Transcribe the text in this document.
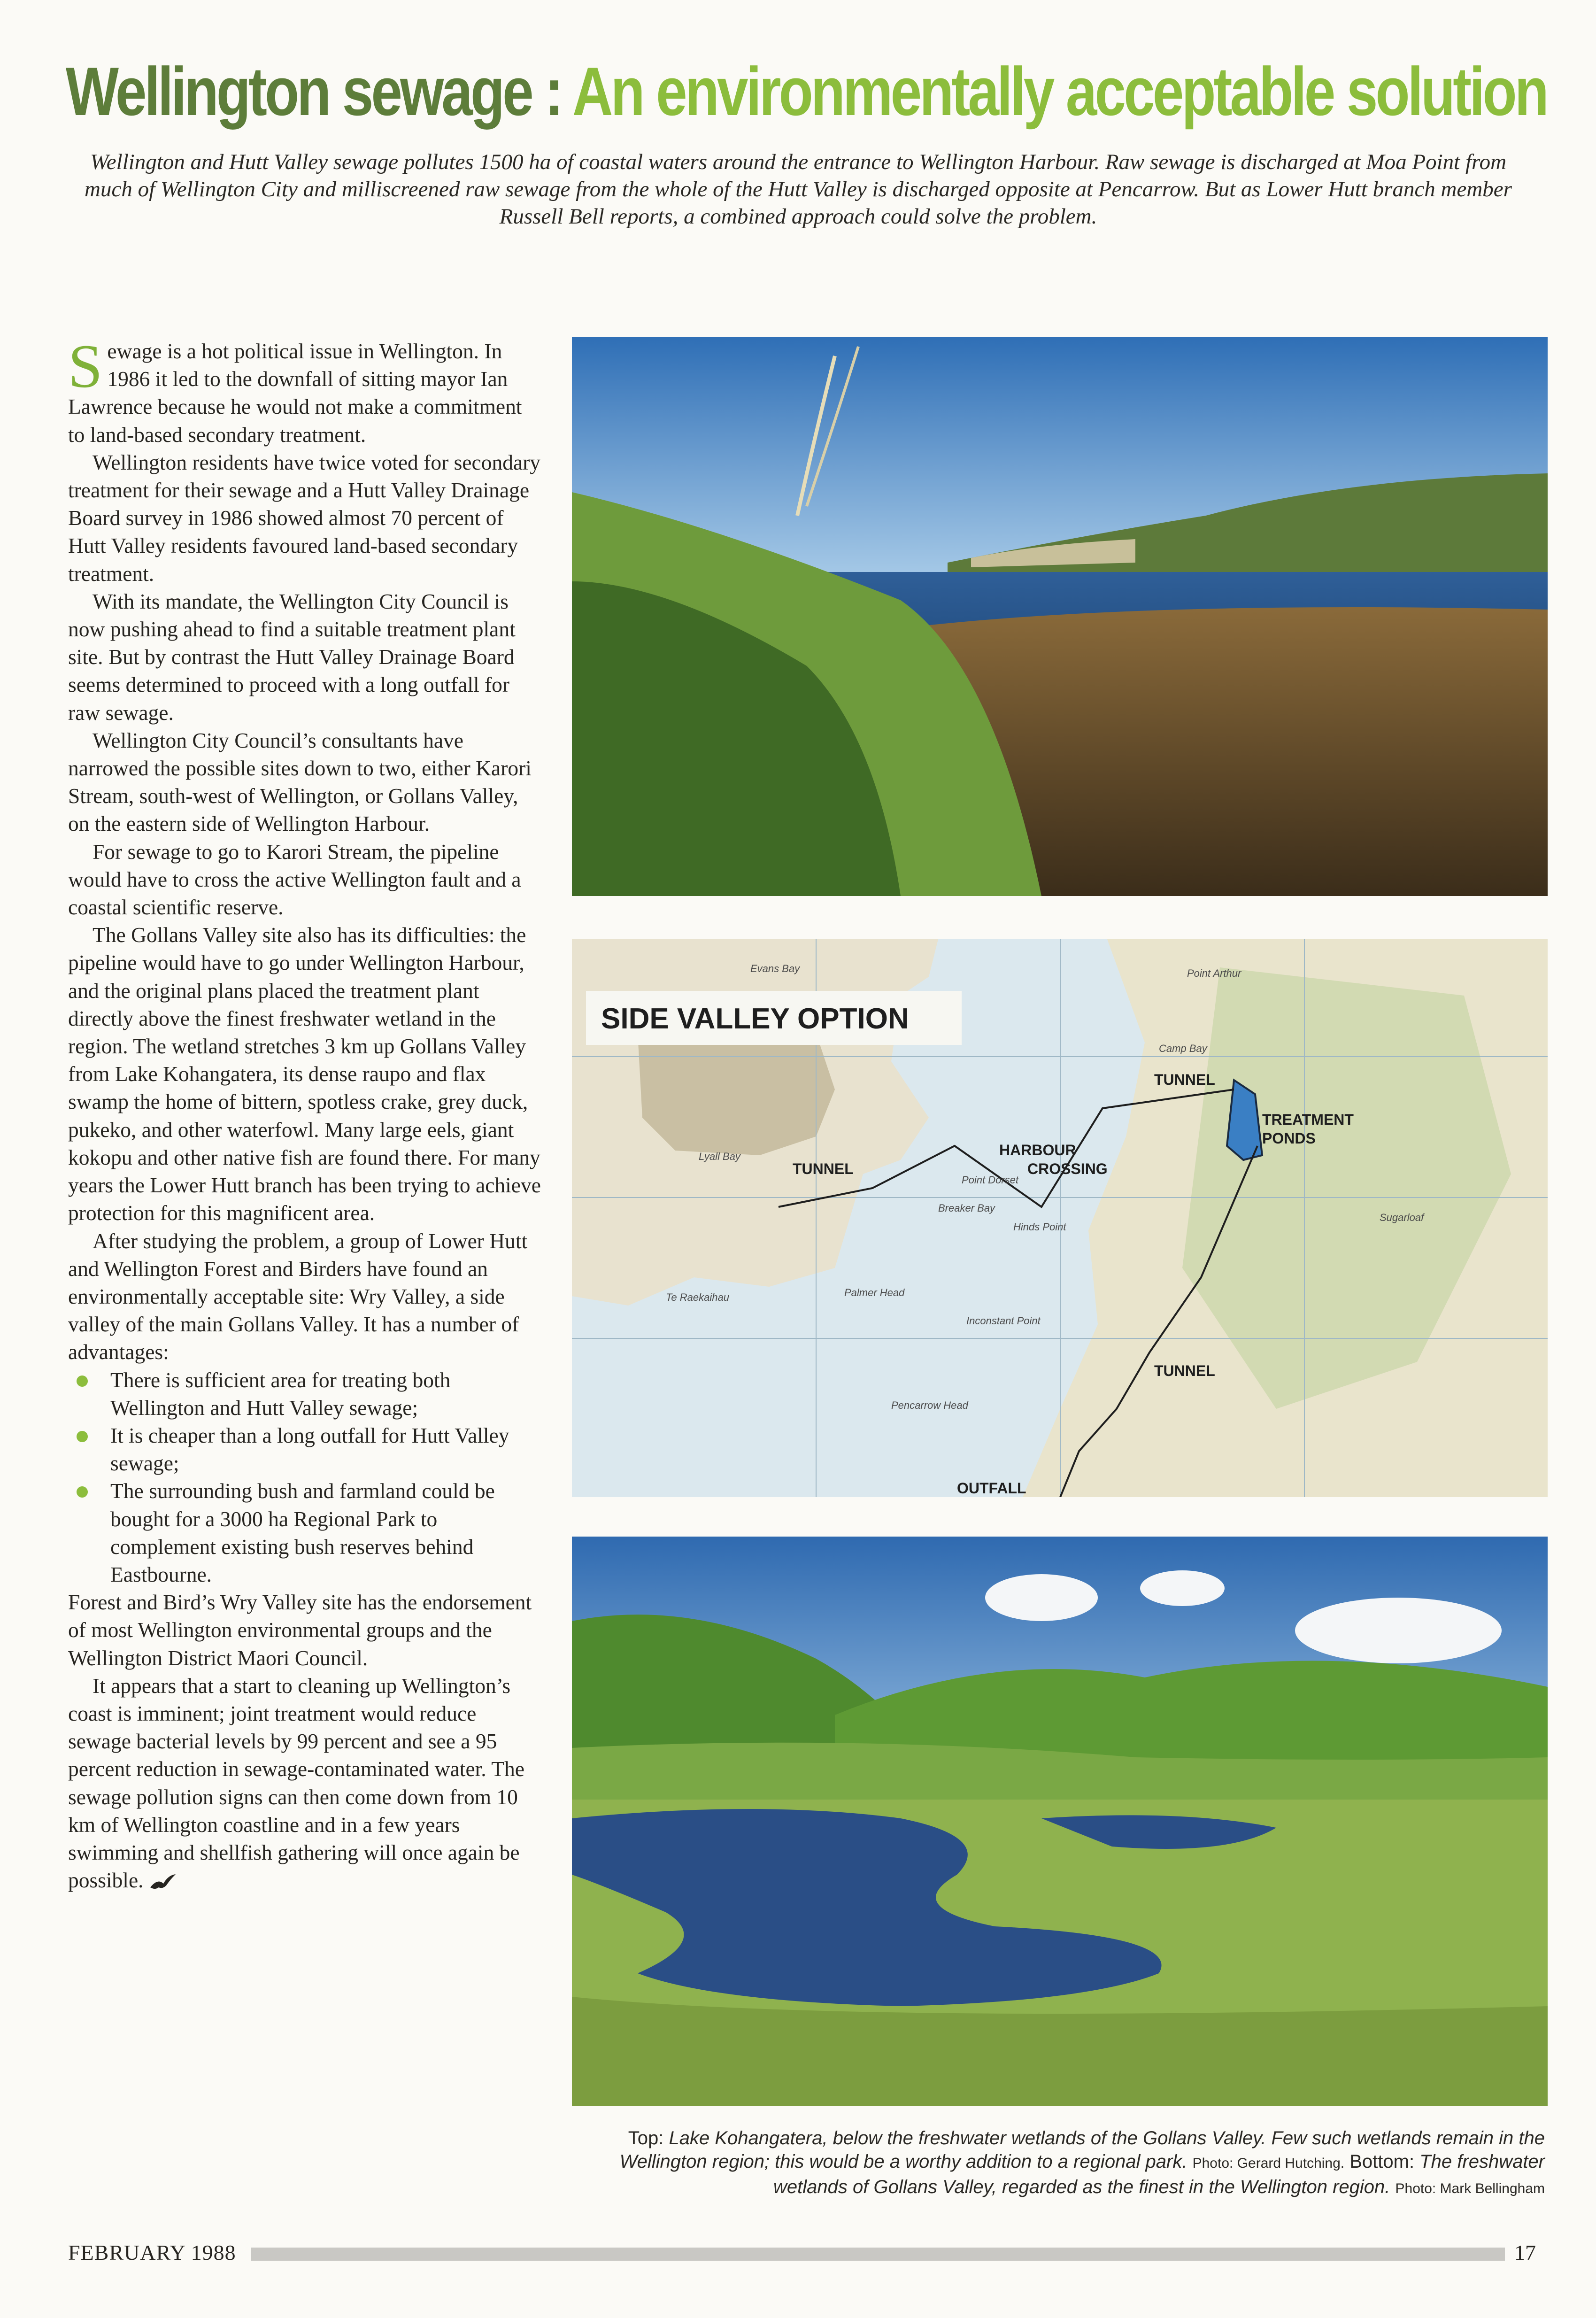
Wellington sewage : An environmentally acceptable solution
Wellington and Hutt Valley sewage pollutes 1500 ha of coastal waters around the entrance to Wellington Harbour. Raw sewage is discharged at Moa Point from much of Wellington City and milliscreened raw sewage from the whole of the Hutt Valley is discharged opposite at Pencarrow. But as Lower Hutt branch member Russell Bell reports, a combined approach could solve the problem.

Sewage is a hot political issue in Wellington. In 1986 it led to the downfall of sitting mayor Ian Lawrence because he would not make a commitment to land-based secondary treatment.

Wellington residents have twice voted for secondary treatment for their sewage and a Hutt Valley Drainage Board survey in 1986 showed almost 70 percent of Hutt Valley residents favoured land-based secondary treatment.

With its mandate, the Wellington City Council is now pushing ahead to find a suitable treatment plant site. But by contrast the Hutt Valley Drainage Board seems determined to proceed with a long outfall for raw sewage.

Wellington City Council’s consultants have narrowed the possible sites down to two, either Karori Stream, south-west of Wellington, or Gollans Valley, on the eastern side of Wellington Harbour.

For sewage to go to Karori Stream, the pipeline would have to cross the active Wellington fault and a coastal scientific reserve.

The Gollans Valley site also has its difficulties: the pipeline would have to go under Wellington Harbour, and the original plans placed the treatment plant directly above the finest freshwater wetland in the region. The wetland stretches 3 km up Gollans Valley from Lake Kohangatera, its dense raupo and flax swamp the home of bittern, spotless crake, grey duck, pukeko, and other waterfowl. Many large eels, giant kokopu and other native fish are found there. For many years the Lower Hutt branch has been trying to achieve protection for this magnificent area.

After studying the problem, a group of Lower Hutt and Wellington Forest and Birders have found an environmentally acceptable site: Wry Valley, a side valley of the main Gollans Valley. It has a number of advantages:

There is sufficient area for treating both Wellington and Hutt Valley sewage;
It is cheaper than a long outfall for Hutt Valley sewage;
The surrounding bush and farmland could be bought for a 3000 ha Regional Park to complement existing bush reserves behind Eastbourne.

Forest and Bird’s Wry Valley site has the endorsement of most Wellington environmental groups and the Wellington District Maori Council.

It appears that a start to cleaning up Wellington’s coast is imminent; joint treatment would reduce sewage bacterial levels by 99 percent and see a 95 percent reduction in sewage-contaminated water. The sewage pollution signs can then come down from 10 km of Wellington coastline and in a few years swimming and shellfish gathering will once again be possible.

SIDE VALLEY OPTION
TUNNEL
HARBOUR
CROSSING
TUNNEL
TREATMENT
PONDS
TUNNEL
OUTFALL
Evans Bay	Point Arthur
Camp Bay
Lyall Bay
Point Dorset
Breaker Bay
Palmer Head
Pencarrow Head
Hinds Point
Inconstant Point
Te Raekaihau
Sugarloaf
Top: Lake Kohangatera, below the freshwater wetlands of the Gollans Valley. Few such wetlands remain in the Wellington region; this would be a worthy addition to a regional park. Photo: Gerard Hutching. Bottom: The freshwater wetlands of Gollans Valley, regarded as the finest in the Wellington region. Photo: Mark Bellingham
FEBRUARY 1988	17
